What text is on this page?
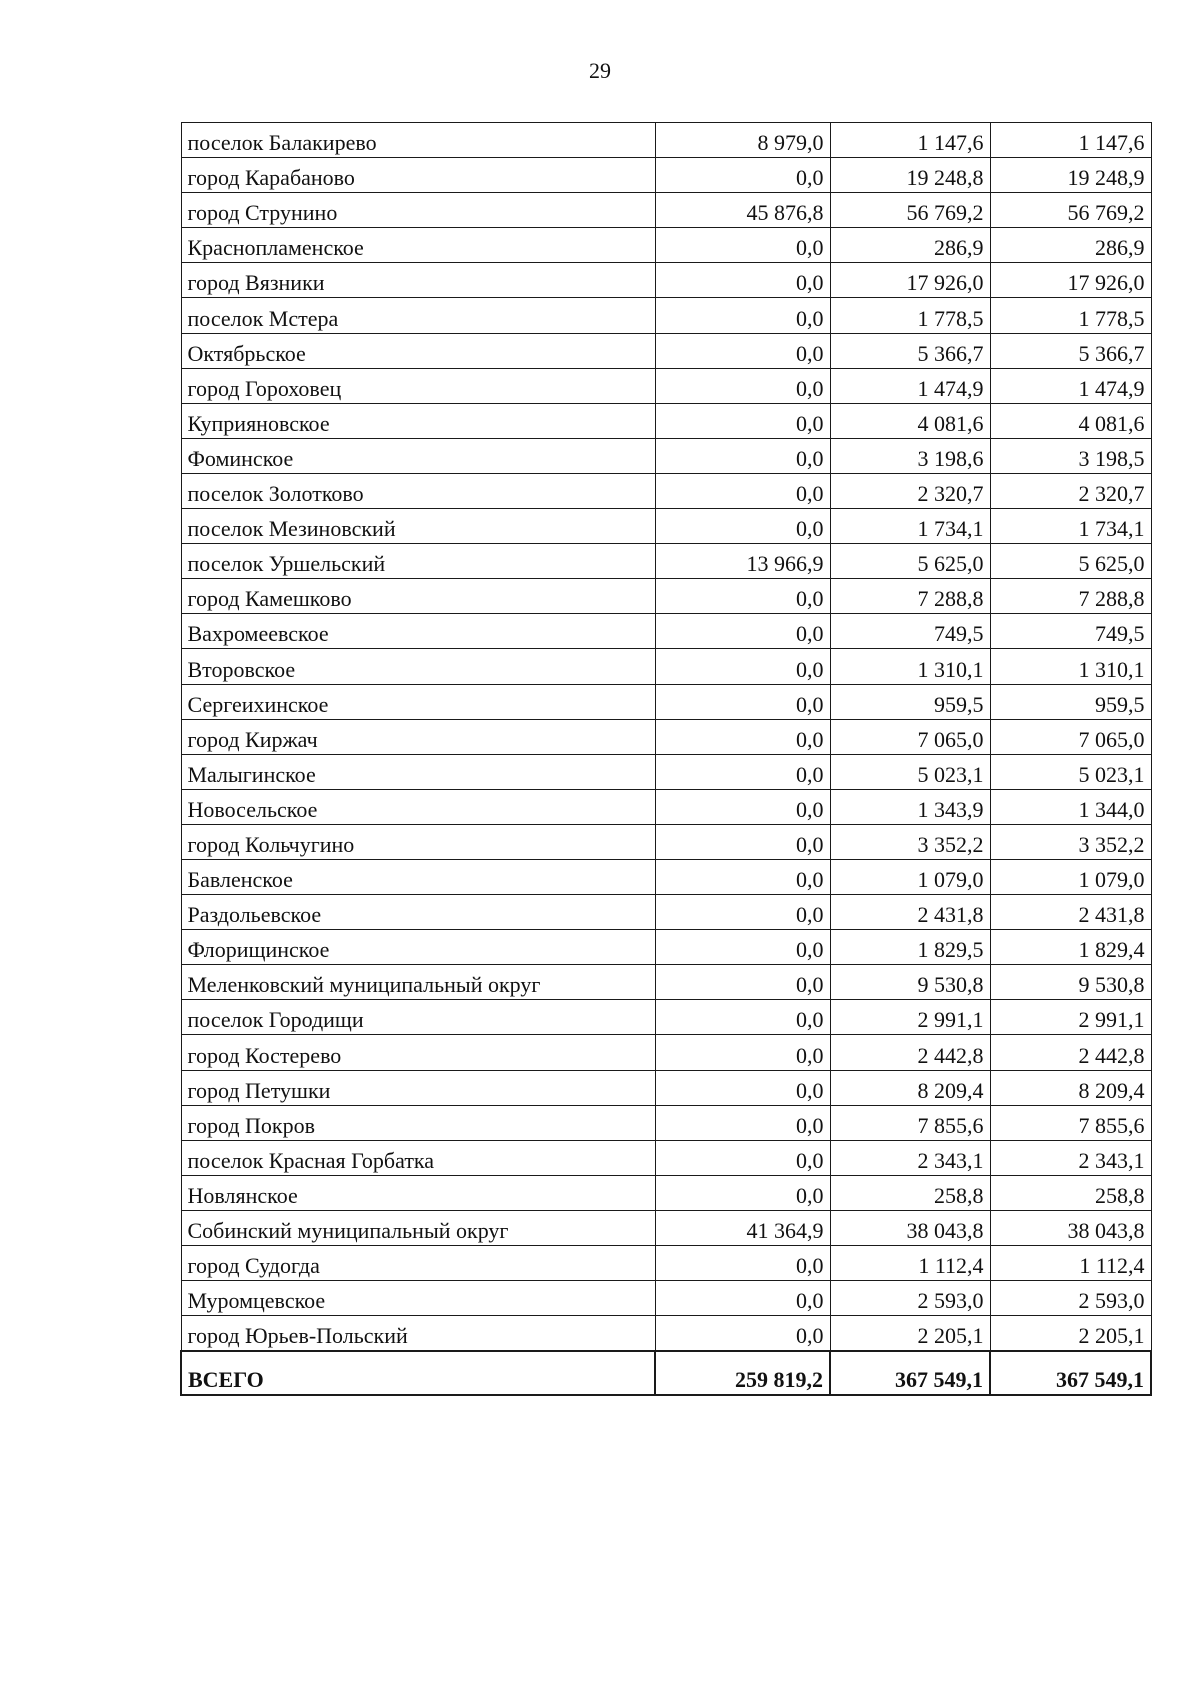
29
поселок Балакирево	8 979,0	1 147,6	1 147,6
город Карабаново	0,0	19 248,8	19 248,9
город Струнино	45 876,8	56 769,2	56 769,2
Краснопламенское	0,0	286,9	286,9
город Вязники	0,0	17 926,0	17 926,0
поселок Мстера	0,0	1 778,5	1 778,5
Октябрьское	0,0	5 366,7	5 366,7
город Гороховец	0,0	1 474,9	1 474,9
Куприяновское	0,0	4 081,6	4 081,6
Фоминское	0,0	3 198,6	3 198,5
поселок Золотково	0,0	2 320,7	2 320,7
поселок Мезиновский	0,0	1 734,1	1 734,1
поселок Уршельский	13 966,9	5 625,0	5 625,0
город Камешково	0,0	7 288,8	7 288,8
Вахромеевское	0,0	749,5	749,5
Второвское	0,0	1 310,1	1 310,1
Сергеихинское	0,0	959,5	959,5
город Киржач	0,0	7 065,0	7 065,0
Малыгинское	0,0	5 023,1	5 023,1
Новосельское	0,0	1 343,9	1 344,0
город Кольчугино	0,0	3 352,2	3 352,2
Бавленское	0,0	1 079,0	1 079,0
Раздольевское	0,0	2 431,8	2 431,8
Флорищинское	0,0	1 829,5	1 829,4
Меленковский муниципальный округ	0,0	9 530,8	9 530,8
поселок Городищи	0,0	2 991,1	2 991,1
город Костерево	0,0	2 442,8	2 442,8
город Петушки	0,0	8 209,4	8 209,4
город Покров	0,0	7 855,6	7 855,6
поселок Красная Горбатка	0,0	2 343,1	2 343,1
Новлянское	0,0	258,8	258,8
Собинский муниципальный округ	41 364,9	38 043,8	38 043,8
город Судогда	0,0	1 112,4	1 112,4
Муромцевское	0,0	2 593,0	2 593,0
город Юрьев-Польский	0,0	2 205,1	2 205,1
ВСЕГО	259 819,2	367 549,1	367 549,1
